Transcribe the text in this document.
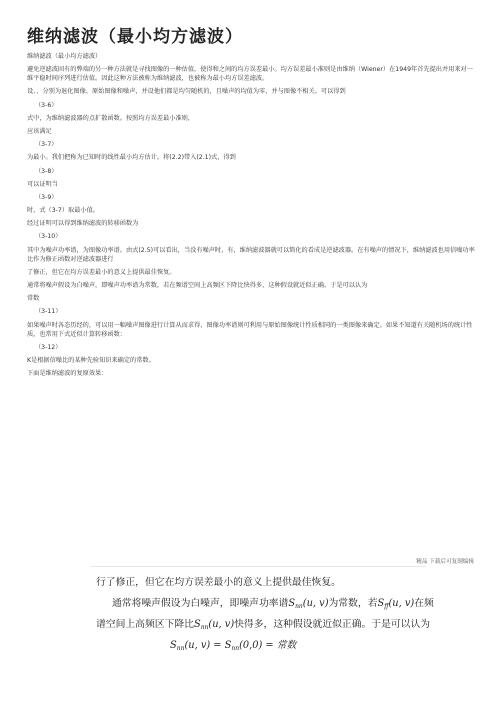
维纳滤波（最小均方滤波）
维纳滤波（最小均方滤波）
避免逆滤波固有的弊端的另一种方法就是寻找图像的一种估值，使得和之间的均方误差最小。均方误差最小准则是由维纳（Wiener）在1949年首先提出并用来对一维平稳时间序列进行估值。因此这种方法被称为维纳滤波，也被称为最小均方误差滤波。
设、、分别为退化图像、原始图像和噪声，并设他们都是均匀随机的，且噪声的均值为零，并与图像不相关。可以得到
（3-6）
式中，为维纳滤波器的点扩散函数。按照均方误差最小准则，
应该满足
（3-7）
为最小。我们把称为已知时的线性最小均方估计。将(2.2)带入(2.1)式，得到
（3-8）
可以证明当
（3-9）
时，式（3-7）取最小值。
经过证明可以得到维纳滤波的转移函数为
（3-10）
其中为噪声功率谱，为图像功率谱。由式(2.5)可以看出，当没有噪声时，有，维纳滤波器就可以简化的看成是逆滤波器。在有噪声的情况下，维纳滤波也用信噪功率比作为修正函数对逆滤波器进行
了修正，但它在均方误差最小的意义上提供最佳恢复。
通常将噪声假设为白噪声，即噪声功率谱为常数，若在频谱空间上高频区下降比快得多，这种假设就近似正确。于是可以认为
常数
（3-11）
如果噪声时各态历经的，可以用一幅噪声图像进行计算从而求得，图像功率谱则可利用与原始图像统计性质相同的一类图像来确定。如果不知道有关随机场的统计性质，也常用下式近似计算转移函数：
（3-12）
K是根据信噪比的某种先验知识来确定的常数。
下面是维纳滤波的复原效果：
精品 下载后可复制编辑
行了修正，但它在均方误差最小的意义上提供最佳恢复。
通常将噪声假设为白噪声，即噪声功率谱$S_{nn}(u$, v)为常数，若$S_{ff}(u$, v)在频
谱空间上高频区下降比$S_{nn}(u$, v)快得多，这种假设就近似正确。于是可以认为
$S_{nn}(u$, $v) = S_{nn}(0,0)$ = 常数
